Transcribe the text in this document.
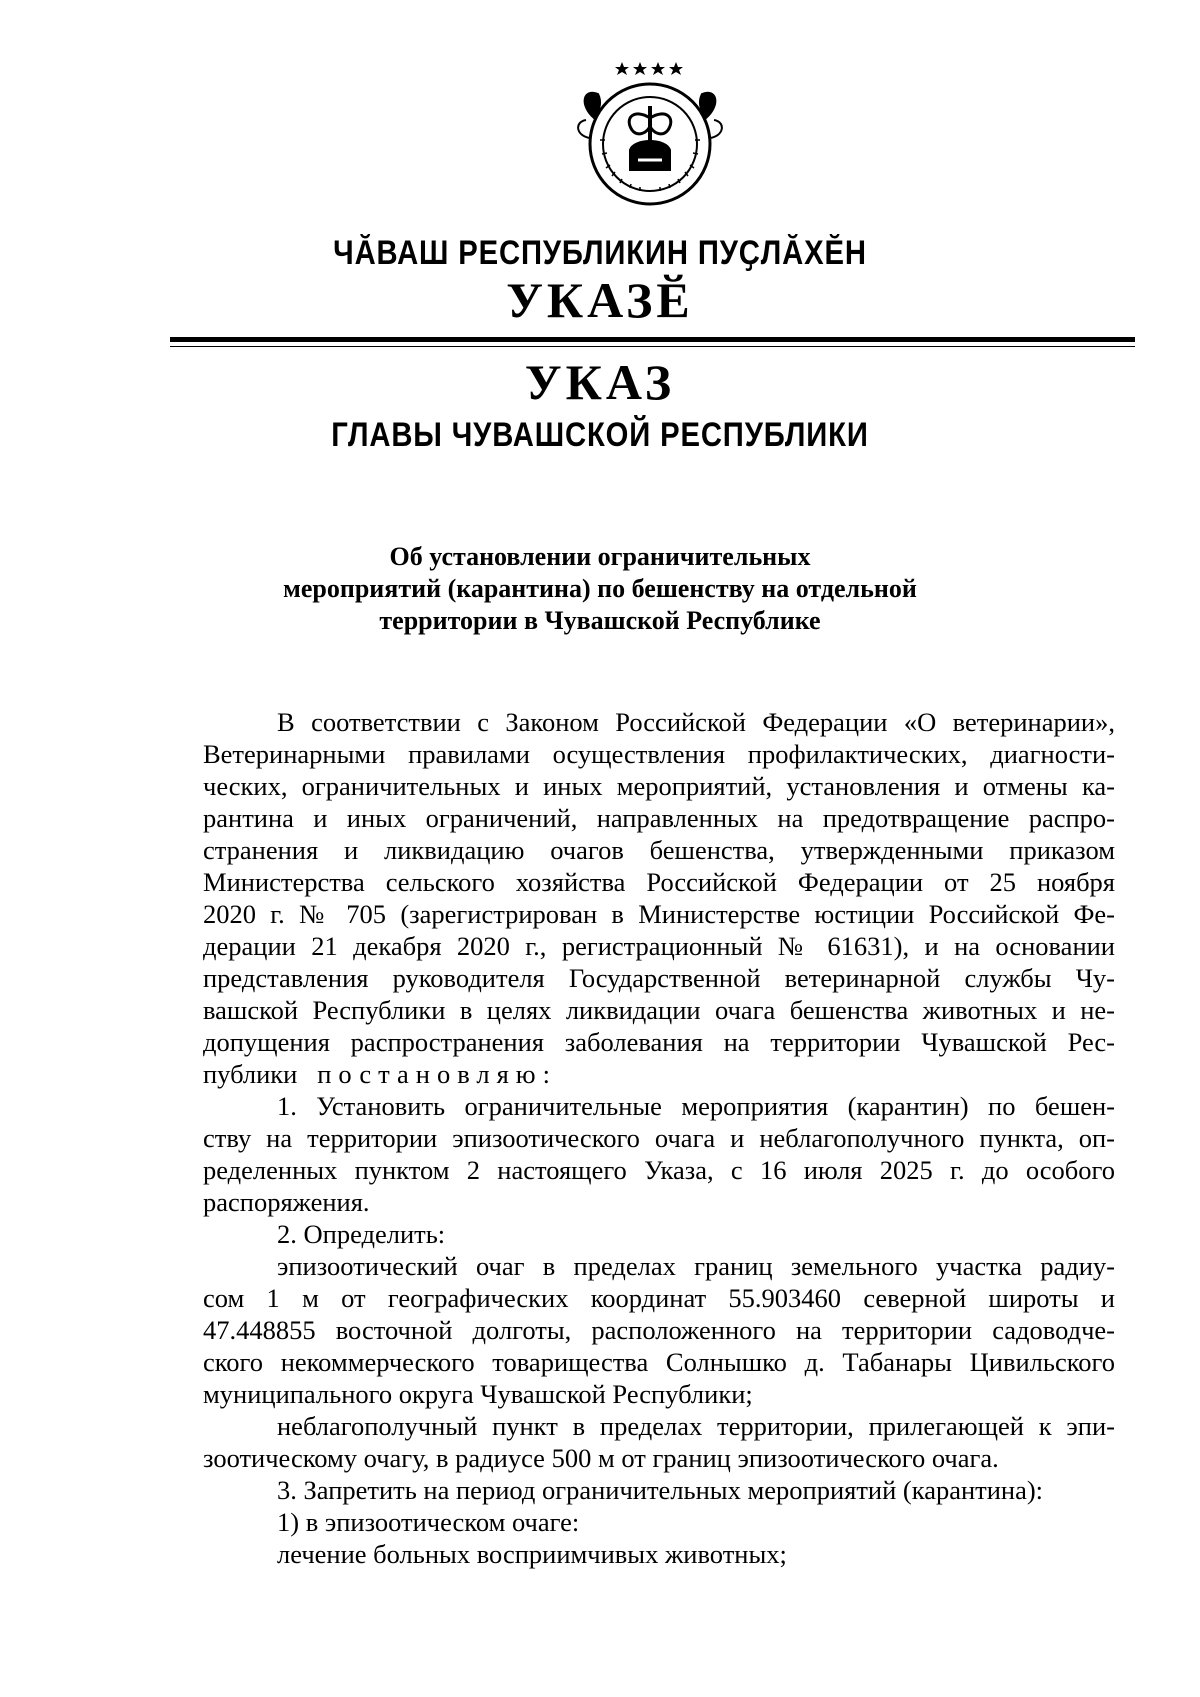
ЧӐВАШ РЕСПУБЛИКИН ПУҪЛӐХӖН
УКАЗӖ
УКАЗ
ГЛАВЫ ЧУВАШСКОЙ РЕСПУБЛИКИ
Об установлении ограничительных
мероприятий (карантина) по бешенству на отдельной
территории в Чувашской Республике
В соответствии с Законом Российской Федерации «О ветеринарии»,
Ветеринарными правилами осуществления профилактических, диагности-
ческих, ограничительных и иных мероприятий, установления и отмены ка-
рантина и иных ограничений, направленных на предотвращение распро-
странения и ликвидацию очагов бешенства, утвержденными приказом
Министерства сельского хозяйства Российской Федерации от 25 ноября
2020 г. № 705 (зарегистрирован в Министерстве юстиции Российской Фе-
дерации 21 декабря 2020 г., регистрационный № 61631), и на основании
представления руководителя Государственной ветеринарной службы Чу-
вашской Республики в целях ликвидации очага бешенства животных и не-
допущения распространения заболевания на территории Чувашской Рес-
публики постановляю:
1. Установить ограничительные мероприятия (карантин) по бешен-
ству на территории эпизоотического очага и неблагополучного пункта, оп-
ределенных пунктом 2 настоящего Указа, с 16 июля 2025 г. до особого
распоряжения.
2. Определить:
эпизоотический очаг в пределах границ земельного участка радиу-
сом 1 м от географических координат 55.903460 северной широты и
47.448855 восточной долготы, расположенного на территории садоводче-
ского некоммерческого товарищества Солнышко д. Табанары Цивильского
муниципального округа Чувашской Республики;
неблагополучный пункт в пределах территории, прилегающей к эпи-
зоотическому очагу, в радиусе 500 м от границ эпизоотического очага.
3. Запретить на период ограничительных мероприятий (карантина):
1) в эпизоотическом очаге:
лечение больных восприимчивых животных;
